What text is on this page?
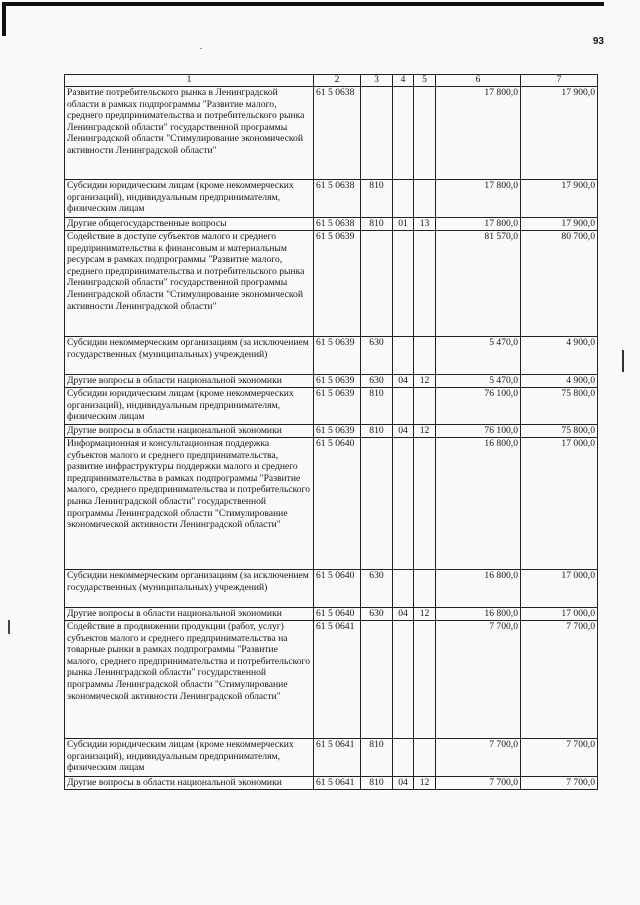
93
1	2	3	4	5	6	7
Развитие потребительского рынка в Ленинградской области в рамках подпрограммы "Развитие малого, среднего предпринимательства и потребительского рынка Ленинградской области" государственной программы Ленинградской области "Стимулирование экономической активности Ленинградской области"	61 5 0638				17 800,0	17 900,0
Субсидии юридическим лицам (кроме некоммерческих организаций), индивидуальным предпринимателям, физическим лицам	61 5 0638	810			17 800,0	17 900,0
Другие общегосударственные вопросы	61 5 0638	810	01	13	17 800,0	17 900,0
Содействие в доступе субъектов малого и среднего предпринимательства к финансовым и материальным ресурсам в рамках подпрограммы "Развитие малого, среднего предпринимательства и потребительского рынка Ленинградской области" государственной программы Ленинградской области "Стимулирование экономической активности Ленинградской области"	61 5 0639				81 570,0	80 700,0
Субсидии некоммерческим организациям (за исключением государственных (муниципальных) учреждений)	61 5 0639	630			5 470,0	4 900,0
Другие вопросы в области национальной экономики	61 5 0639	630	04	12	5 470,0	4 900,0
Субсидии юридическим лицам (кроме некоммерческих организаций), индивидуальным предпринимателям, физическим лицам	61 5 0639	810			76 100,0	75 800,0
Другие вопросы в области национальной экономики	61 5 0639	810	04	12	76 100,0	75 800,0
Информационная и консультационная поддержка субъектов малого и среднего предпринимательства, развитие инфраструктуры поддержки малого и среднего предпринимательства в рамках подпрограммы "Развитие малого, среднего предпринимательства и потребительского рынка Ленинградской области" государственной программы Ленинградской области "Стимулирование экономической активности Ленинградской области"	61 5 0640				16 800,0	17 000,0
Субсидии некоммерческим организациям (за исключением государственных (муниципальных) учреждений)	61 5 0640	630			16 800,0	17 000,0
Другие вопросы в области национальной экономики	61 5 0640	630	04	12	16 800,0	17 000,0
Содействие в продвижении продукции (работ, услуг) субъектов малого и среднего предпринимательства на товарные рынки в рамках подпрограммы "Развитие малого, среднего предпринимательства и потребительского рынка Ленинградской области" государственной программы Ленинградской области "Стимулирование экономической активности Ленинградской области"	61 5 0641				7 700,0	7 700,0
Субсидии юридическим лицам (кроме некоммерческих организаций), индивидуальным предпринимателям, физическим лицам	61 5 0641	810			7 700,0	7 700,0
Другие вопросы в области национальной экономики	61 5 0641	810	04	12	7 700,0	7 700,0
